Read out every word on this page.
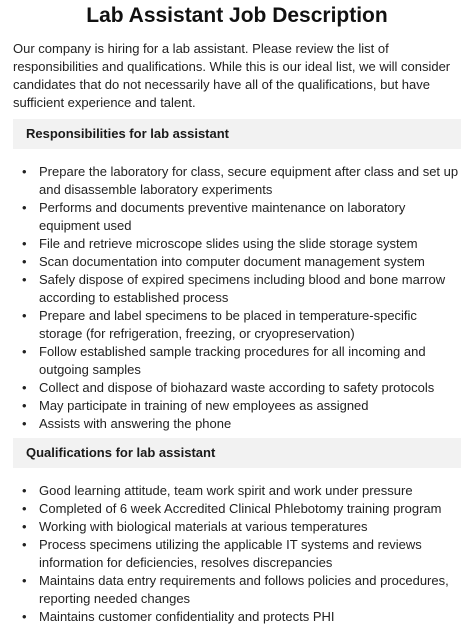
Lab Assistant Job Description

Our company is hiring for a lab assistant. Please review the list of responsibilities and qualifications. While this is our ideal list, we will consider candidates that do not necessarily have all of the qualifications, but have sufficient experience and talent.

Responsibilities for lab assistant
• Prepare the laboratory for class, secure equipment after class and set up and disassemble laboratory experiments
• Performs and documents preventive maintenance on laboratory equipment used
• File and retrieve microscope slides using the slide storage system
• Scan documentation into computer document management system
• Safely dispose of expired specimens including blood and bone marrow according to established process
• Prepare and label specimens to be placed in temperature-specific storage (for refrigeration, freezing, or cryopreservation)
• Follow established sample tracking procedures for all incoming and outgoing samples
• Collect and dispose of biohazard waste according to safety protocols
• May participate in training of new employees as assigned
• Assists with answering the phone
Qualifications for lab assistant
• Good learning attitude, team work spirit and work under pressure
• Completed of 6 week Accredited Clinical Phlebotomy training program
• Working with biological materials at various temperatures
• Process specimens utilizing the applicable IT systems and reviews information for deficiencies, resolves discrepancies
• Maintains data entry requirements and follows policies and procedures, reporting needed changes
• Maintains customer confidentiality and protects PHI
